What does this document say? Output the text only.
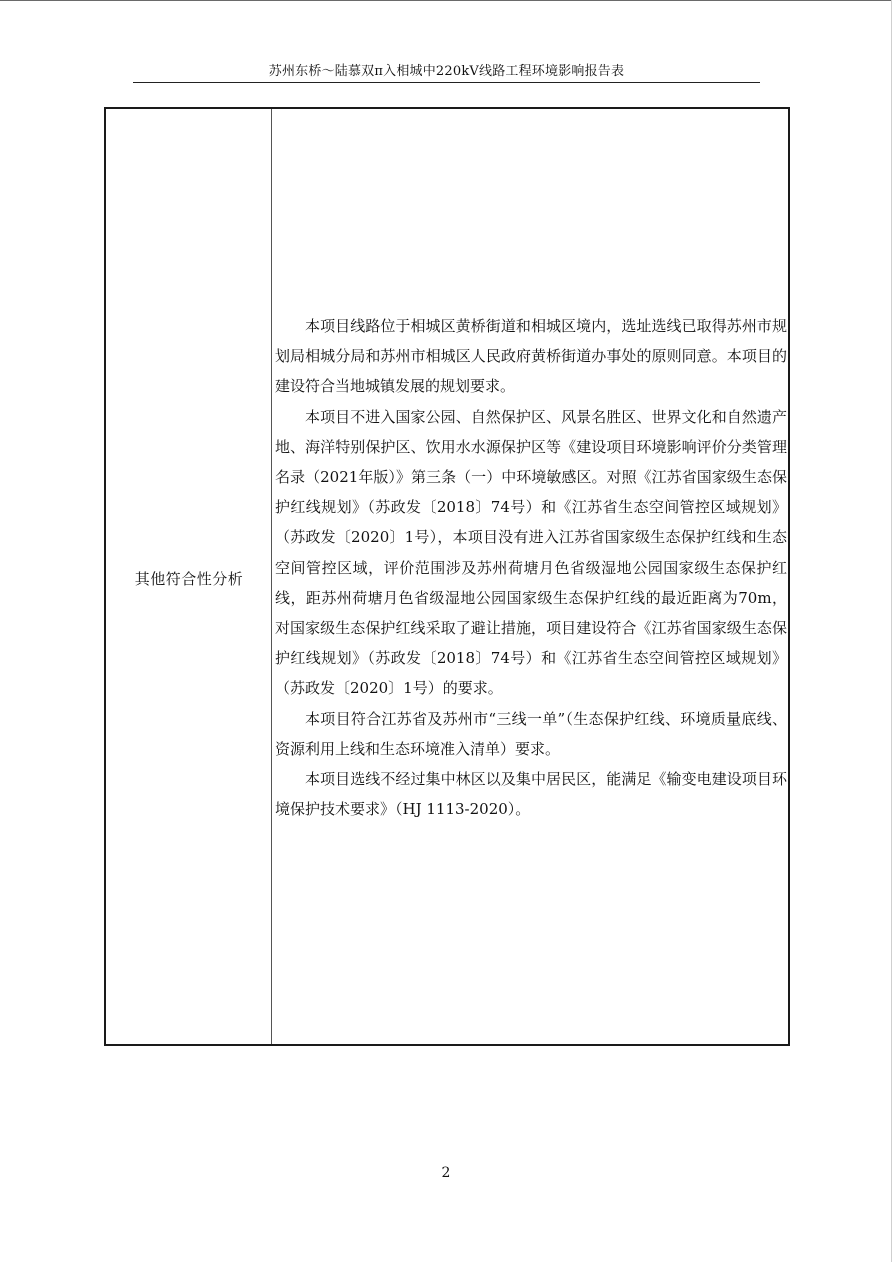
苏州东桥～陆慕双π入相城中220kV线路工程环境影响报告表
其他符合性分析

本项目线路位于相城区黄桥街道和相城区境内，选址选线已取得苏州市规划局相城分局和苏州市相城区人民政府黄桥街道办事处的原则同意。本项目的建设符合当地城镇发展的规划要求。

本项目不进入国家公园、自然保护区、风景名胜区、世界文化和自然遗产地、海洋特别保护区、饮用水水源保护区等《建设项目环境影响评价分类管理名录（2021年版）》第三条（一）中环境敏感区。对照《江苏省国家级生态保护红线规划》（苏政发〔2018〕74号）和《江苏省生态空间管控区域规划》（苏政发〔2020〕1号），本项目没有进入江苏省国家级生态保护红线和生态空间管控区域，评价范围涉及苏州荷塘月色省级湿地公园国家级生态保护红线，距苏州荷塘月色省级湿地公园国家级生态保护红线的最近距离为70m，对国家级生态保护红线采取了避让措施，项目建设符合《江苏省国家级生态保护红线规划》（苏政发〔2018〕74号）和《江苏省生态空间管控区域规划》（苏政发〔2020〕1号）的要求。

本项目符合江苏省及苏州市“三线一单”（生态保护红线、环境质量底线、资源利用上线和生态环境准入清单）要求。

本项目选线不经过集中林区以及集中居民区，能满足《输变电建设项目环境保护技术要求》（HJ 1113-2020）。

2
